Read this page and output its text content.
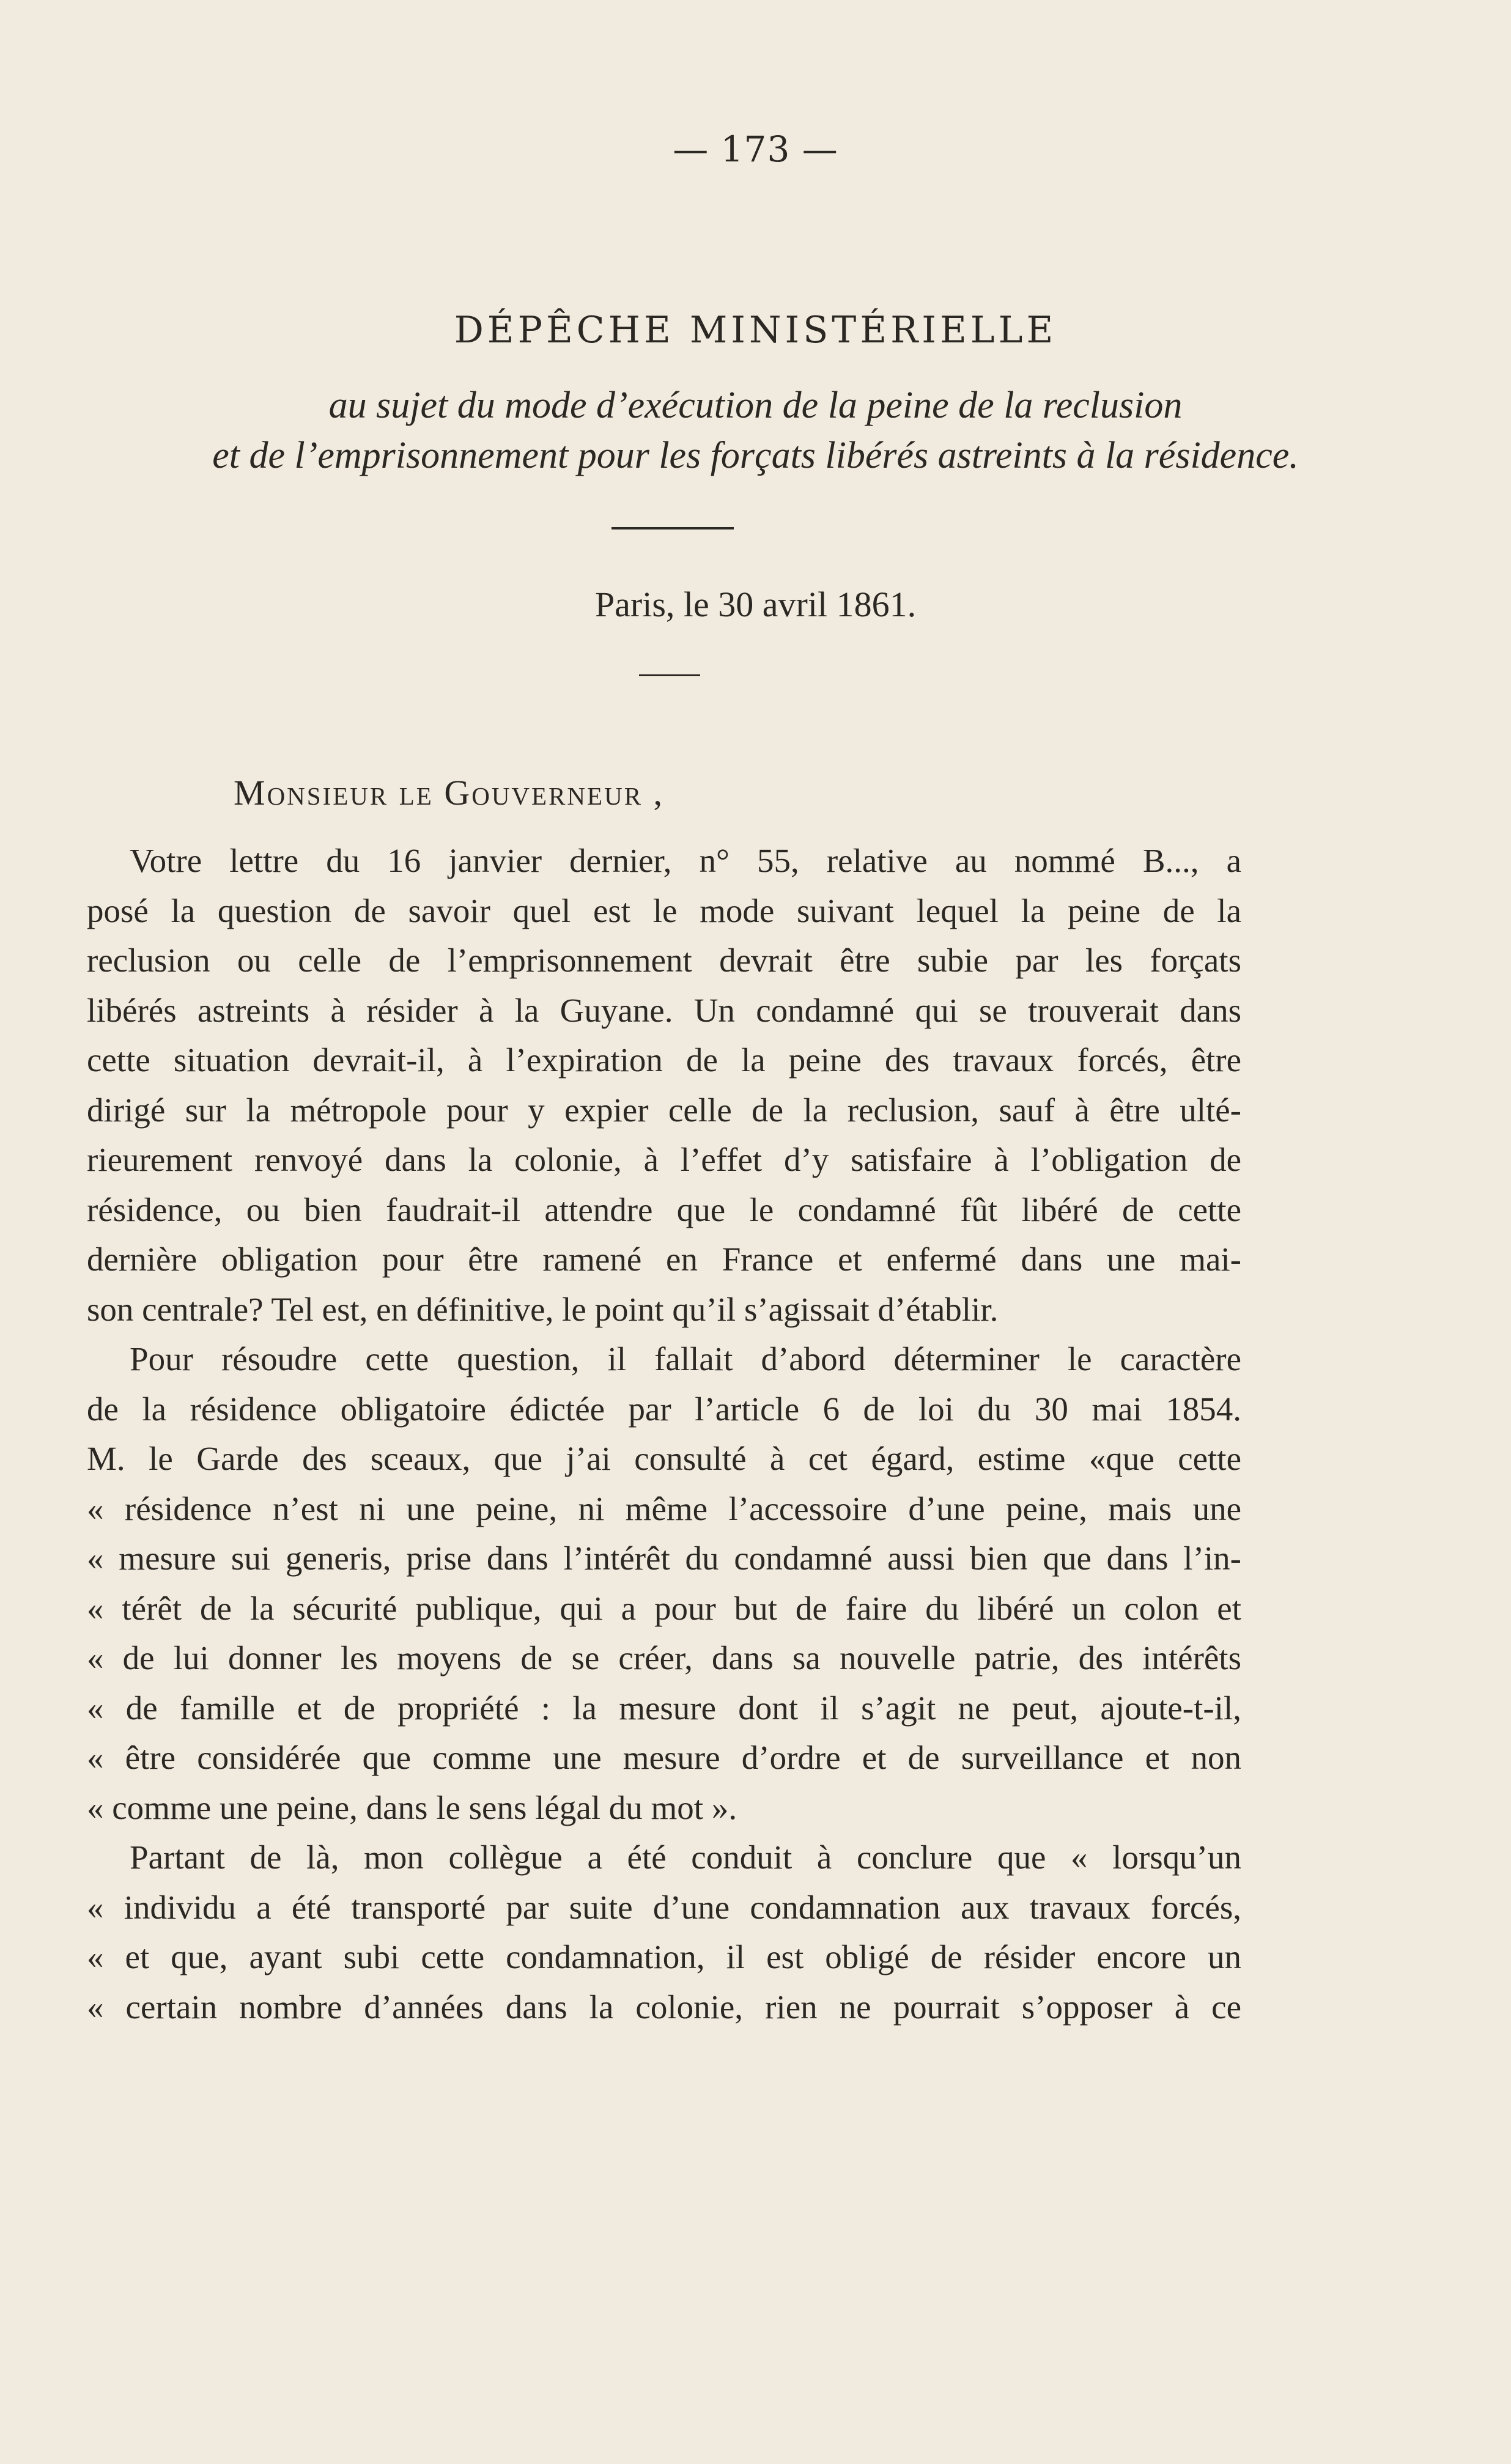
— 173 —
DÉPÊCHE MINISTÉRIELLE
au sujet du mode d’exécution de la peine de la reclusion
et de l’emprisonnement pour les forçats libérés astreints à la résidence.
Paris, le 30 avril 1861.
Monsieur le Gouverneur ,
Votre lettre du 16 janvier dernier, n° 55, relative au nommé B..., a
posé la question de savoir quel est le mode suivant lequel la peine de la
reclusion ou celle de l’emprisonnement devrait être subie par les forçats
libérés astreints à résider à la Guyane. Un condamné qui se trouverait dans
cette situation devrait-il, à l’expiration de la peine des travaux forcés, être
dirigé sur la métropole pour y expier celle de la reclusion, sauf à être ulté-
rieurement renvoyé dans la colonie, à l’effet d’y satisfaire à l’obligation de
résidence, ou bien faudrait-il attendre que le condamné fût libéré de cette
dernière obligation pour être ramené en France et enfermé dans une mai-
son centrale? Tel est, en définitive, le point qu’il s’agissait d’établir.
Pour résoudre cette question, il fallait d’abord déterminer le caractère
de la résidence obligatoire édictée par l’article 6 de loi du 30 mai 1854.
M. le Garde des sceaux, que j’ai consulté à cet égard, estime «que cette
« résidence n’est ni une peine, ni même l’accessoire d’une peine, mais une
« mesure sui generis, prise dans l’intérêt du condamné aussi bien que dans l’in-
« térêt de la sécurité publique, qui a pour but de faire du libéré un colon et
« de lui donner les moyens de se créer, dans sa nouvelle patrie, des intérêts
« de famille et de propriété : la mesure dont il s’agit ne peut, ajoute-t-il,
« être considérée que comme une mesure d’ordre et de surveillance et non
« comme une peine, dans le sens légal du mot ».
Partant de là, mon collègue a été conduit à conclure que « lorsqu’un
« individu a été transporté par suite d’une condamnation aux travaux forcés,
« et que, ayant subi cette condamnation, il est obligé de résider encore un
« certain nombre d’années dans la colonie, rien ne pourrait s’opposer à ce
